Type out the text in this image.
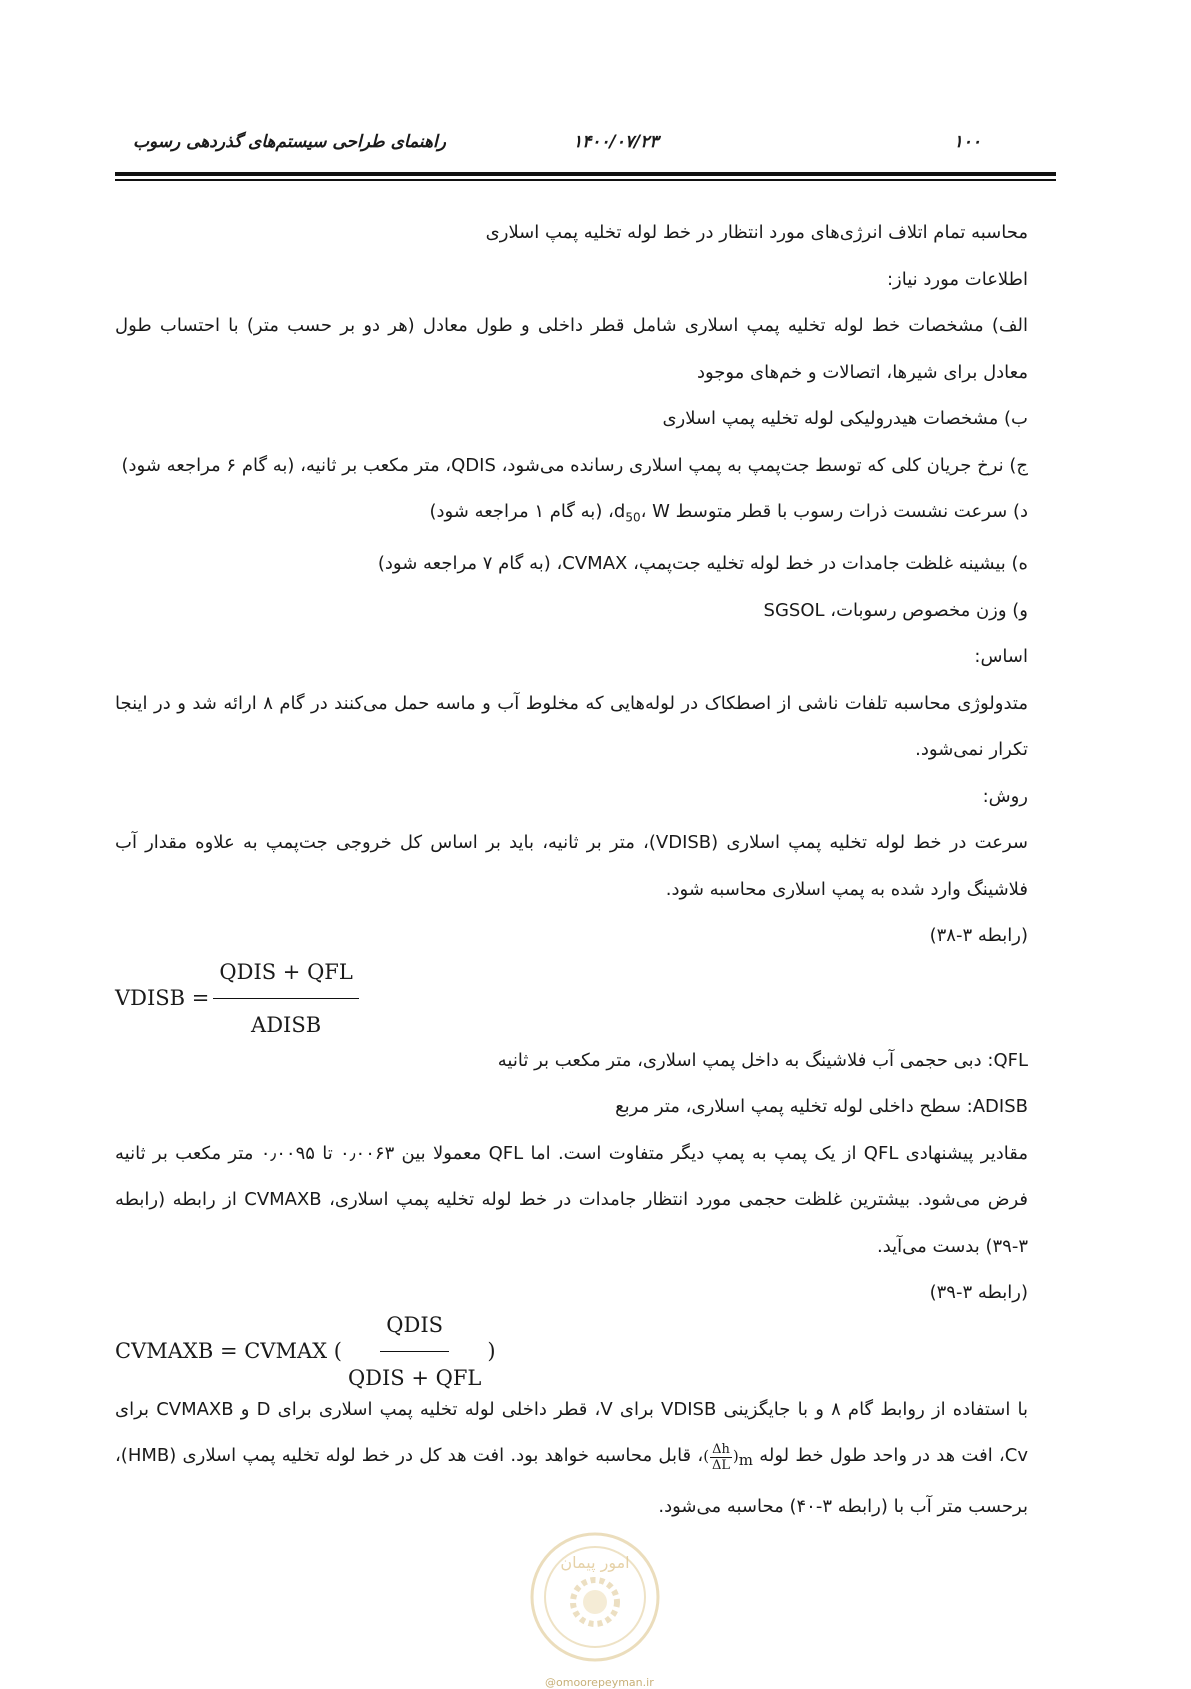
۱۰۰
۱۴۰۰/۰۷/۲۳
راهنمای طراحی سیستم‌های گذردهی رسوب

محاسبه تمام اتلاف انرژی‌های مورد انتظار در خط لوله تخلیه پمپ اسلاری

اطلاعات مورد نیاز:

الف) مشخصات خط لوله تخلیه پمپ اسلاری شامل قطر داخلی و طول معادل (هر دو بر حسب متر) با احتساب طول معادل برای شیرها، اتصالات و خم‌های موجود

ب) مشخصات هیدرولیکی لوله تخلیه پمپ اسلاری

ج) نرخ جریان کلی که توسط جت‌پمپ به پمپ اسلاری رسانده می‌شود، QDIS، متر مکعب بر ثانیه، (به گام ۶ مراجعه شود)

د) سرعت نشست ذرات رسوب با قطر متوسط $d_{50}،$ W، (به گام ۱ مراجعه شود)

ه) بیشینه غلظت جامدات در خط لوله تخلیه جت‌پمپ، CVMAX، (به گام ۷ مراجعه شود)

و) وزن مخصوص رسوبات، SGSOL

اساس:

متدولوژی محاسبه تلفات ناشی از اصطکاک در لوله‌هایی که مخلوط آب و ماسه حمل می‌کنند در گام ۸ ارائه شد و در اینجا تکرار نمی‌شود.

روش:

سرعت در خط لوله تخلیه پمپ اسلاری (VDISB)، متر بر ثانیه، باید بر اساس کل خروجی جت‌پمپ به علاوه مقدار آب فلاشینگ وارد شده به پمپ اسلاری محاسبه شود.

(رابطه ۳-۳۸)

VDISB = $\frac{\text{QDIS + QFL}}{\text{ADISB}}$

QFL: دبی حجمی آب فلاشینگ به داخل پمپ اسلاری، متر مکعب بر ثانیه

ADISB: سطح داخلی لوله تخلیه پمپ اسلاری، متر مربع

مقادیر پیشنهادی QFL از یک پمپ به پمپ دیگر متفاوت است. اما QFL معمولا بین ۰٫۰۰۶۳ تا ۰٫۰۰۹۵ متر مکعب بر ثانیه فرض می‌شود. بیشترین غلظت حجمی مورد انتظار جامدات در خط لوله تخلیه پمپ اسلاری، CVMAXB از رابطه (رابطه ۳-۳۹) بدست می‌آید.

(رابطه ۳-۳۹)

CVMAXB = CVMAX ( $\frac{\text{QDIS}}{\text{QDIS + QFL}}$ )

با استفاده از روابط گام ۸ و با جایگزینی VDISB برای V، قطر داخلی لوله تخلیه پمپ اسلاری برای D و CVMAXB برای Cv، افت هد در واحد طول خط لوله ( $\frac{\Delta h}{\Delta L}$ )m، قابل محاسبه خواهد بود. افت هد کل در خط لوله تخلیه پمپ اسلاری (HMB)، برحسب متر آب با (رابطه ۳-۴۰) محاسبه می‌شود.

امور پیمان
@omoorepeyman.ir
